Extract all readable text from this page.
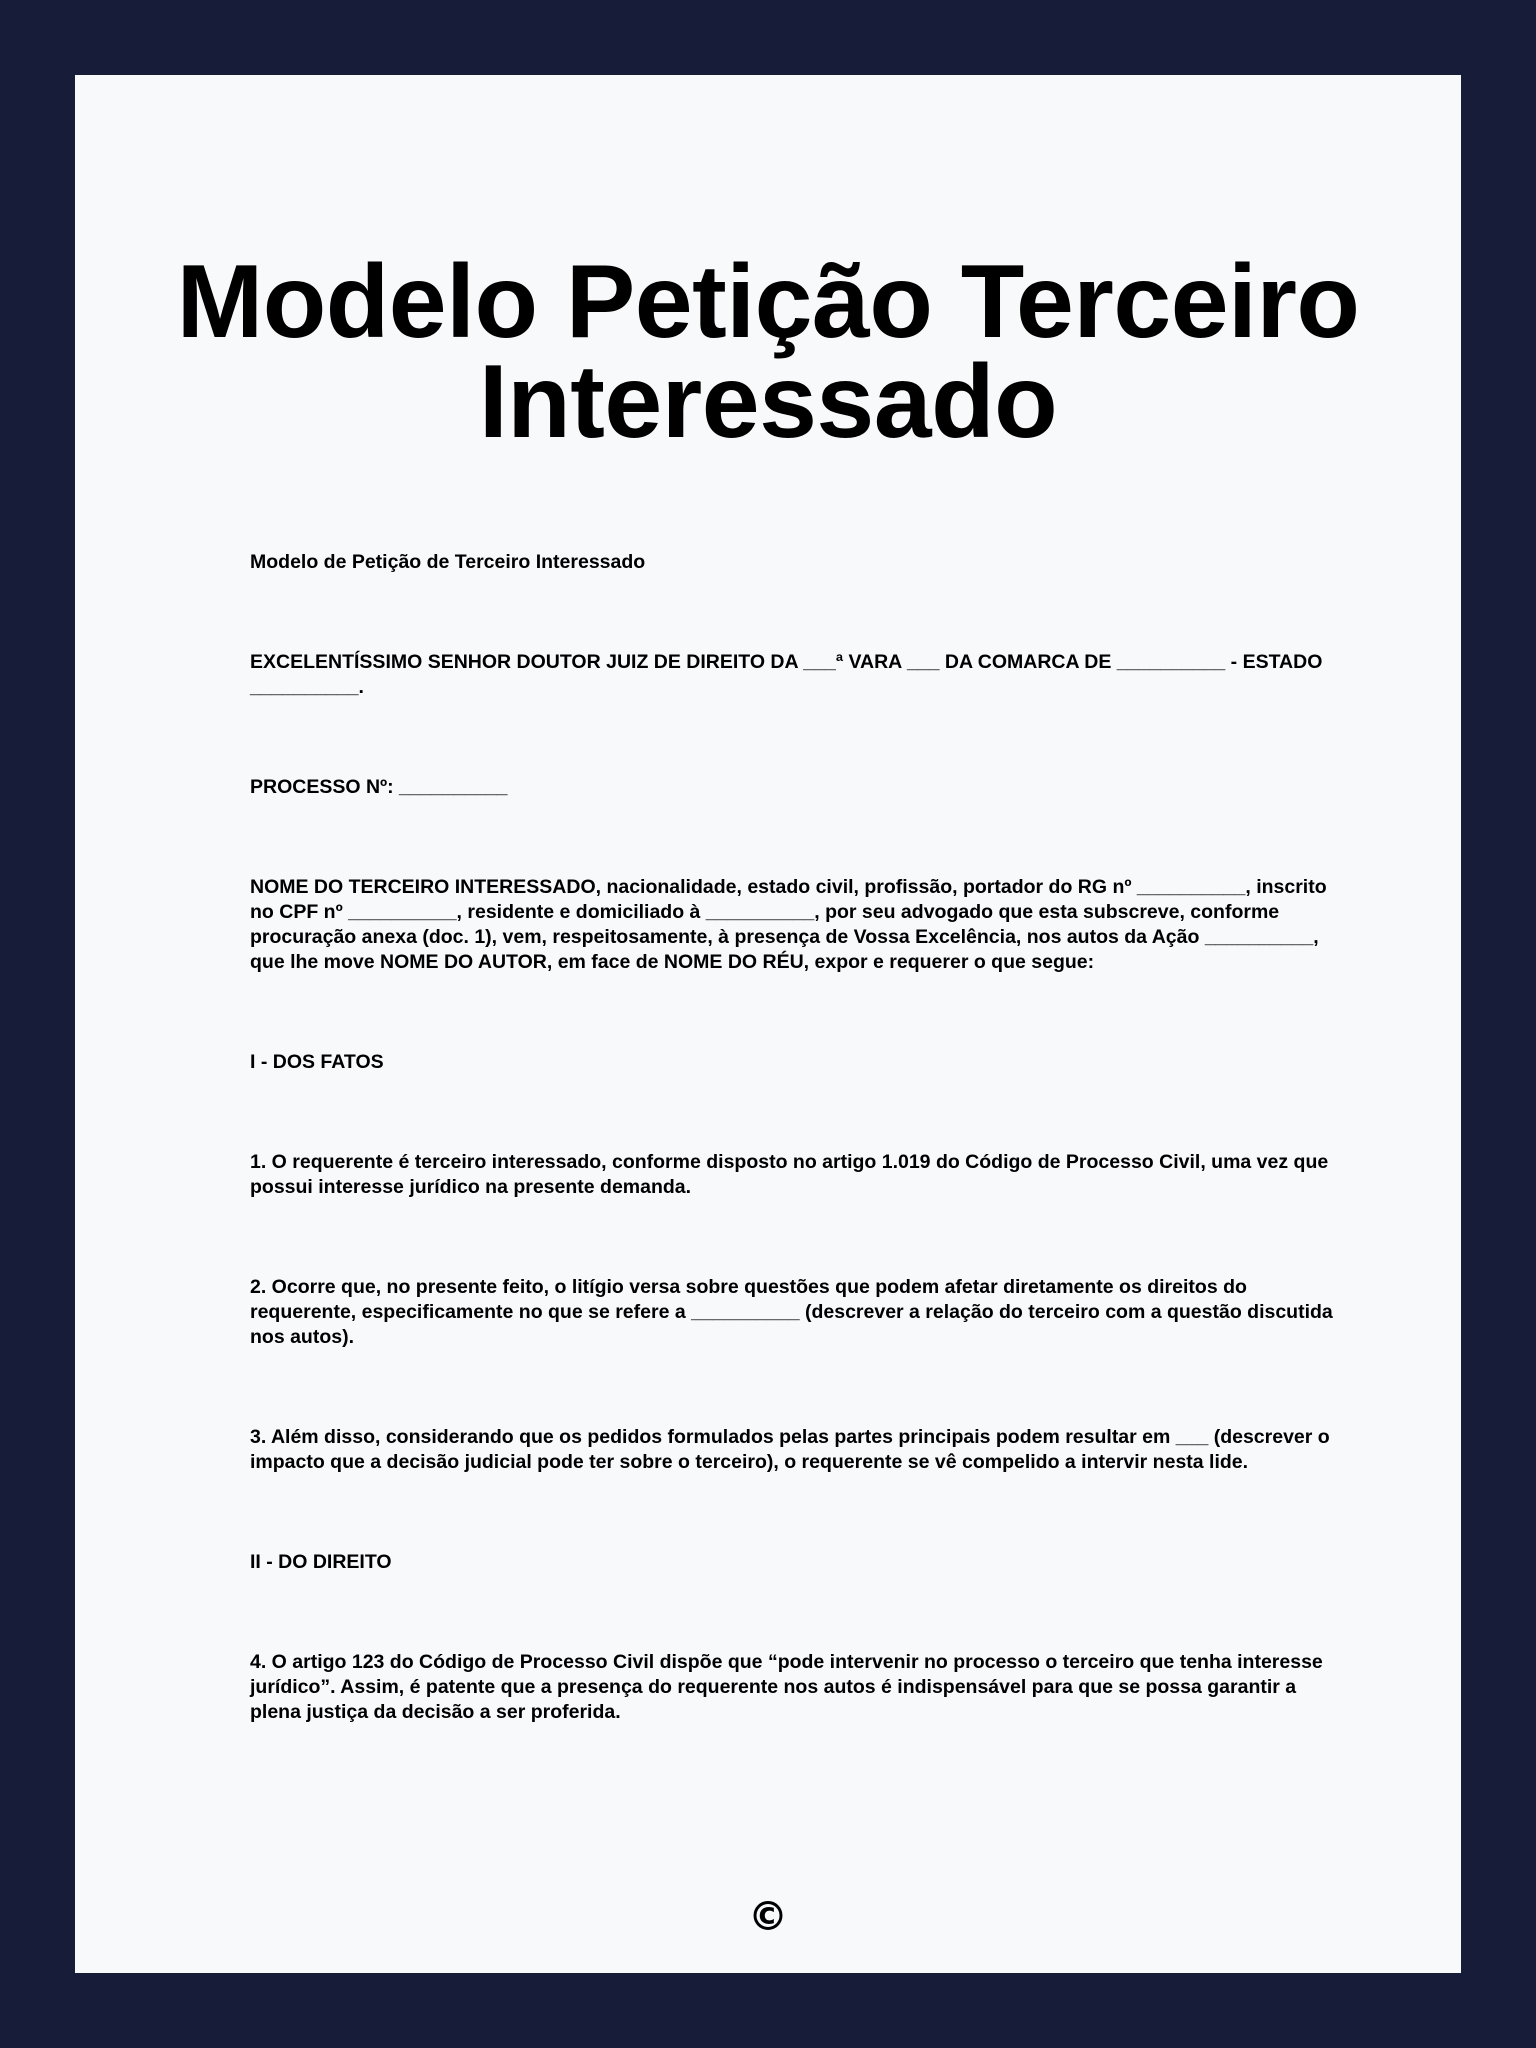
Modelo Petição Terceiro Interessado

Modelo de Petição de Terceiro Interessado

EXCELENTÍSSIMO SENHOR DOUTOR JUIZ DE DIREITO DA ___ª VARA ___ DA COMARCA DE __________ - ESTADO __________.

PROCESSO Nº: __________

NOME DO TERCEIRO INTERESSADO, nacionalidade, estado civil, profissão, portador do RG nº __________, inscrito no CPF nº __________, residente e domiciliado à __________, por seu advogado que esta subscreve, conforme procuração anexa (doc. 1), vem, respeitosamente, à presença de Vossa Excelência, nos autos da Ação __________, que lhe move NOME DO AUTOR, em face de NOME DO RÉU, expor e requerer o que segue:

I - DOS FATOS

1. O requerente é terceiro interessado, conforme disposto no artigo 1.019 do Código de Processo Civil, uma vez que possui interesse jurídico na presente demanda.

2. Ocorre que, no presente feito, o litígio versa sobre questões que podem afetar diretamente os direitos do requerente, especificamente no que se refere a __________ (descrever a relação do terceiro com a questão discutida nos autos).

3. Além disso, considerando que os pedidos formulados pelas partes principais podem resultar em ___ (descrever o impacto que a decisão judicial pode ter sobre o terceiro), o requerente se vê compelido a intervir nesta lide.

II - DO DIREITO

4. O artigo 123 do Código de Processo Civil dispõe que “pode intervenir no processo o terceiro que tenha interesse jurídico”. Assim, é patente que a presença do requerente nos autos é indispensável para que se possa garantir a plena justiça da decisão a ser proferida.

©
